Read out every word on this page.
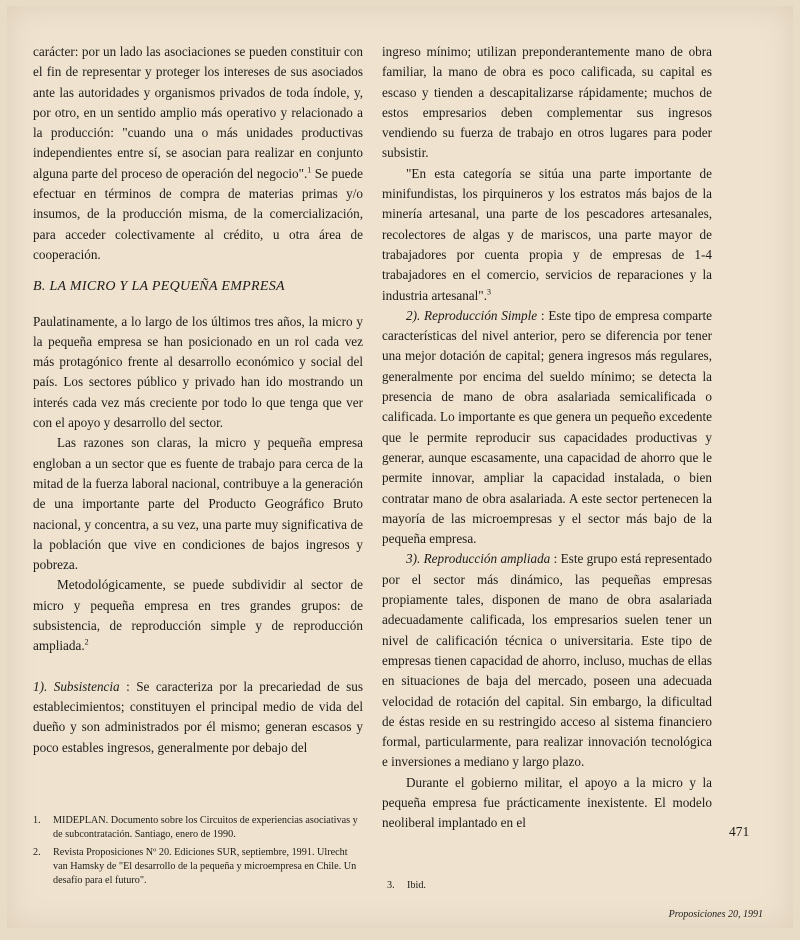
carácter: por un lado las asociaciones se pueden constituir con el fin de representar y proteger los intereses de sus asociados ante las autoridades y organismos privados de toda índole, y, por otro, en un sentido amplio más operativo y relacionado a la producción: "cuando una o más unidades productivas independientes entre sí, se asocian para realizar en conjunto alguna parte del proceso de operación del negocio".$^1$ Se puede efectuar en términos de compra de materias primas y/o insumos, de la producción misma, de la comercialización, para acceder colectivamente al crédito, u otra área de cooperación.

B. LA MICRO Y LA PEQUEÑA EMPRESA

Paulatinamente, a lo largo de los últimos tres años, la micro y la pequeña empresa se han posicionado en un rol cada vez más protagónico frente al desarrollo económico y social del país. Los sectores público y privado han ido mostrando un interés cada vez más creciente por todo lo que tenga que ver con el apoyo y desarrollo del sector.

Las razones son claras, la micro y pequeña empresa engloban a un sector que es fuente de trabajo para cerca de la mitad de la fuerza laboral nacional, contribuye a la generación de una importante parte del Producto Geográfico Bruto nacional, y concentra, a su vez, una parte muy significativa de la población que vive en condiciones de bajos ingresos y pobreza.

Metodológicamente, se puede subdividir al sector de micro y pequeña empresa en tres grandes grupos: de subsistencia, de reproducción simple y de reproducción ampliada.$^2$

1). Subsistencia : Se caracteriza por la precariedad de sus establecimientos; constituyen el principal medio de vida del dueño y son administrados por él mismo; generan escasos y poco estables ingresos, generalmente por debajo del

ingreso mínimo; utilizan preponderantemente mano de obra familiar, la mano de obra es poco calificada, su capital es escaso y tienden a descapitalizarse rápidamente; muchos de estos empresarios deben complementar sus ingresos vendiendo su fuerza de trabajo en otros lugares para poder subsistir.

"En esta categoría se sitúa una parte importante de minifundistas, los pirquineros y los estratos más bajos de la minería artesanal, una parte de los pescadores artesanales, recolectores de algas y de mariscos, una parte mayor de trabajadores por cuenta propia y de empresas de 1-4 trabajadores en el comercio, servicios de reparaciones y la industria artesanal".$^3$

2). Reproducción Simple : Este tipo de empresa comparte características del nivel anterior, pero se diferencia por tener una mejor dotación de capital; genera ingresos más regulares, generalmente por encima del sueldo mínimo; se detecta la presencia de mano de obra asalariada semicalificada o calificada. Lo importante es que genera un pequeño excedente que le permite reproducir sus capacidades productivas y generar, aunque escasamente, una capacidad de ahorro que le permite innovar, ampliar la capacidad instalada, o bien contratar mano de obra asalariada. A este sector pertenecen la mayoría de las microempresas y el sector más bajo de la pequeña empresa.

3). Reproducción ampliada : Este grupo está representado por el sector más dinámico, las pequeñas empresas propiamente tales, disponen de mano de obra asalariada adecuadamente calificada, los empresarios suelen tener un nivel de calificación técnica o universitaria. Este tipo de empresas tienen capacidad de ahorro, incluso, muchas de ellas en situaciones de baja del mercado, poseen una adecuada velocidad de rotación del capital. Sin embargo, la dificultad de éstas reside en su restringido acceso al sistema financiero formal, particularmente, para realizar innovación tecnológica e inversiones a mediano y largo plazo.

Durante el gobierno militar, el apoyo a la micro y la pequeña empresa fue prácticamente inexistente. El modelo neoliberal implantado en el

1.	MIDEPLAN. Documento sobre los Circuitos de experiencias asociativas y de subcontratación. Santiago, enero de 1990.
2.	Revista Proposiciones Nº 20. Ediciones SUR, septiembre, 1991. Ulrecht van Hamsky de "El desarrollo de la pequeña y microempresa en Chile. Un desafío para el futuro".	3.	Ibid.
471
Proposiciones 20, 1991
